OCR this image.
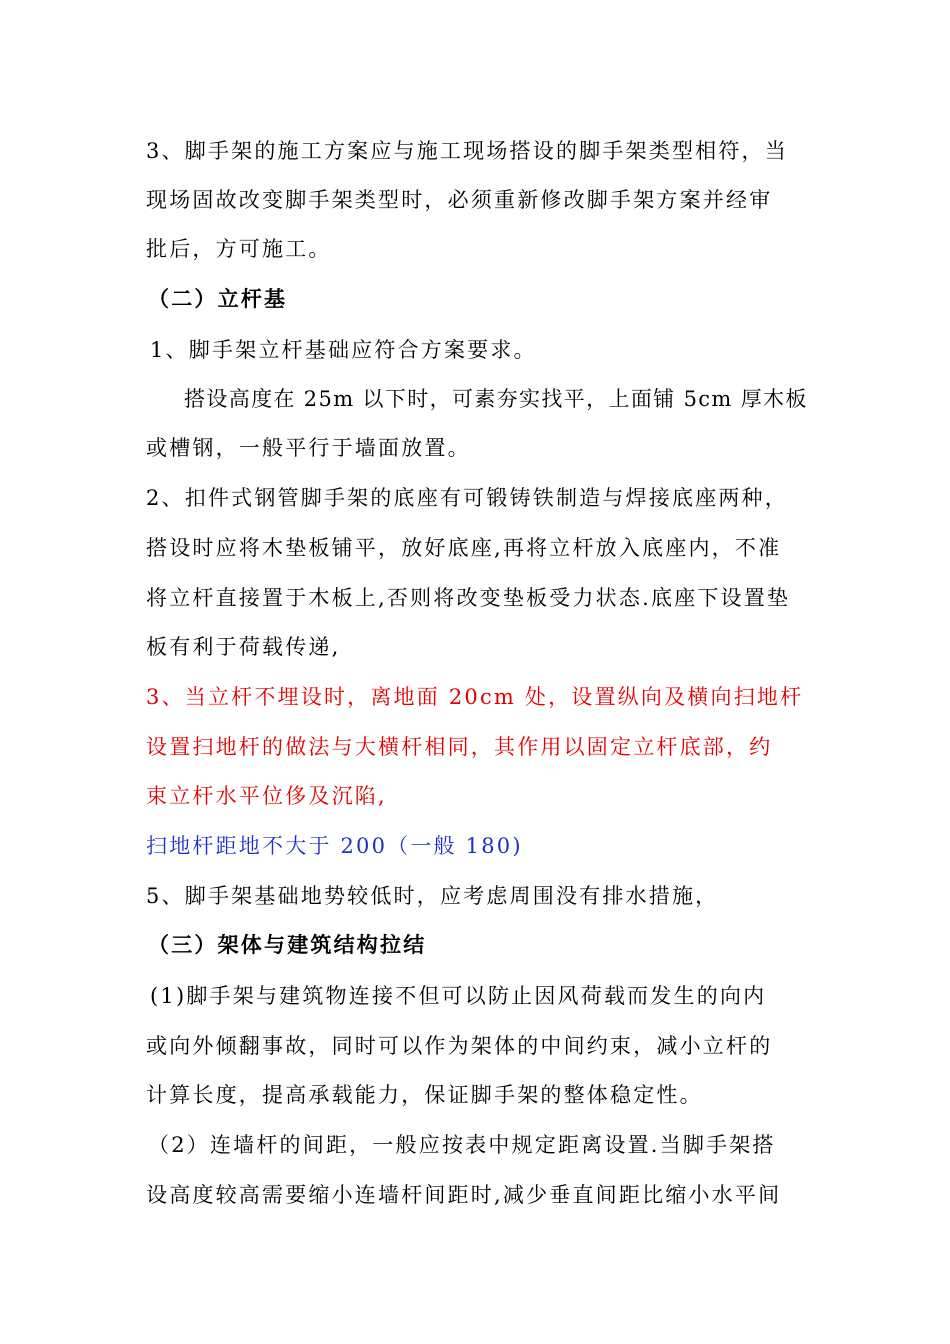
3、脚手架的施工方案应与施工现场搭设的脚手架类型相符，当
现场固故改变脚手架类型时，必须重新修改脚手架方案并经审
批后，方可施工。
（二）立杆基
1、脚手架立杆基础应符合方案要求。
搭设高度在 25m 以下时，可素夯实找平，上面铺 5cm 厚木板
或槽钢，一般平行于墙面放置。
2、扣件式钢管脚手架的底座有可锻铸铁制造与焊接底座两种，
搭设时应将木垫板铺平，放好底座,再将立杆放入底座内，不准
将立杆直接置于木板上,否则将改变垫板受力状态.底座下设置垫
板有利于荷载传递,
3、当立杆不埋设时，离地面 20cm 处，设置纵向及横向扫地杆
设置扫地杆的做法与大横杆相同，其作用以固定立杆底部，约
束立杆水平位侈及沉陷,
扫地杆距地不大于 200（一般 180)
5、脚手架基础地势较低时，应考虑周围没有排水措施，
（三）架体与建筑结构拉结
(1)脚手架与建筑物连接不但可以防止因风荷载而发生的向内
或向外倾翻事故，同时可以作为架体的中间约束，减小立杆的
计算长度，提高承载能力，保证脚手架的整体稳定性。
（2）连墙杆的间距，一般应按表中规定距离设置.当脚手架搭
设高度较高需要缩小连墙杆间距时,减少垂直间距比缩小水平间
